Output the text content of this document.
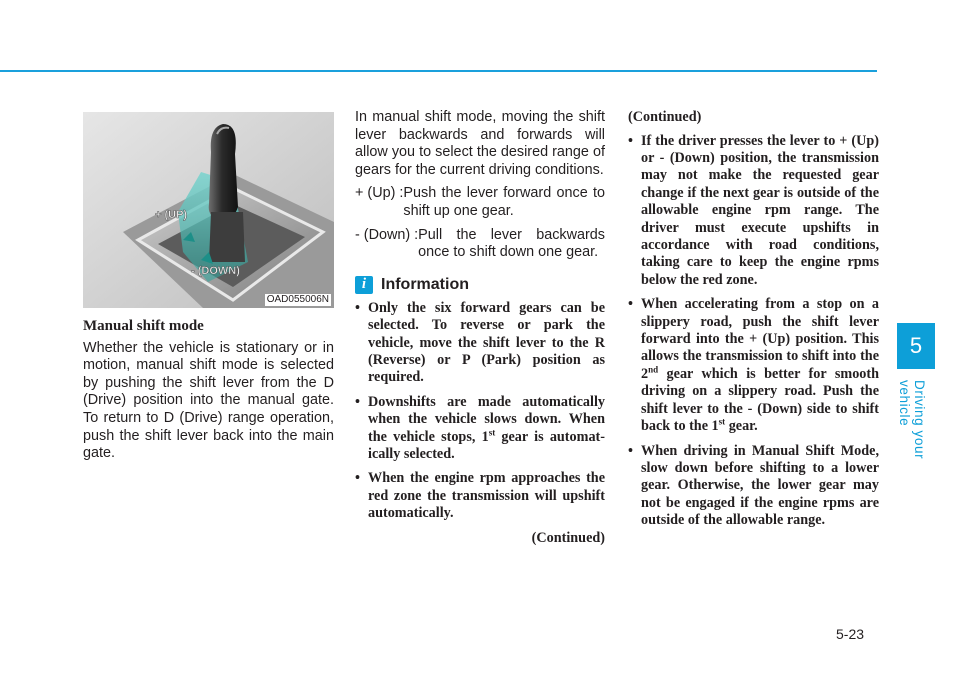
5
Driving your vehicle
+ (UP)
- (DOWN)
OAD055006N
Manual shift mode

Whether the vehicle is stationary or in motion, manual shift mode is selected by pushing the shift lever from the D (Drive) position into the manual gate. To return to D (Drive) range operation, push the shift lever back into the main gate.

In manual shift mode, moving the shift lever backwards and forwards will allow you to select the desired range of gears for the current driving conditions.

+ (Up) : Push the lever forward once to shift up one gear.
- (Down) : Pull the lever backwards once to shift down one gear.
i Information
• Only the six forward gears can be selected. To reverse or park the vehicle, move the shift lever to the R (Reverse) or P (Park) position as required.
• Downshifts are made automatically when the vehicle slows down. When the vehicle stops, 1st gear is automat-ically selected.
• When the engine rpm approaches the red zone the transmission will upshift automatically.
(Continued)
(Continued)
• If the driver presses the lever to + (Up) or - (Down) position, the transmission may not make the requested gear change if the next gear is outside of the allowable engine rpm range. The driver must execute upshifts in accordance with road conditions, taking care to keep the engine rpms below the red zone.
• When accelerating from a stop on a slippery road, push the shift lever forward into the + (Up) position. This allows the transmission to shift into the 2nd gear which is better for smooth driving on a slippery road. Push the shift lever to the - (Down) side to shift back to the 1st gear.
• When driving in Manual Shift Mode, slow down before shifting to a lower gear. Otherwise, the lower gear may not be engaged if the engine rpms are outside of the allowable range.
5-23
